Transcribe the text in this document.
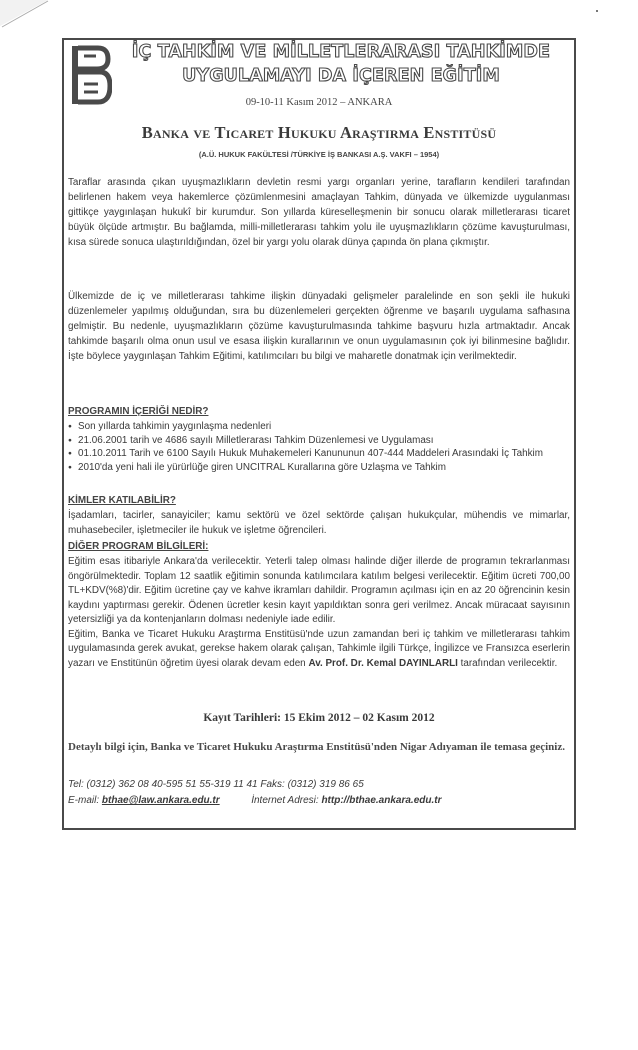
İÇ TAHKİM VE MİLLETLERARASI TAHKİMDE
UYGULAMAYI DA İÇEREN EĞİTİM
09-10-11 Kasım 2012 – ANKARA
Banka ve Ticaret Hukuku Araştırma Enstitüsü
(A.Ü. HUKUK FAKÜLTESİ /TÜRKİYE İŞ BANKASI A.Ş. VAKFI – 1954)

Taraflar arasında çıkan uyuşmazlıkların devletin resmi yargı organları yerine, tarafların kendileri tarafından belirlenen hakem veya hakemlerce çözümlenmesini amaçlayan Tahkim, dünyada ve ülkemizde uygulanması gittikçe yaygınlaşan hukukî bir kurumdur. Son yıllarda küreselleşmenin bir sonucu olarak milletlerarası ticaret büyük ölçüde artmıştır. Bu bağlamda, milli-milletlerarası tahkim yolu ile uyuşmazlıkların çözüme kavuşturulması, kısa sürede sonuca ulaştırıldığından, özel bir yargı yolu olarak dünya çapında ön plana çıkmıştır.

Ülkemizde de iç ve milletlerarası tahkime ilişkin dünyadaki gelişmeler paralelinde en son şekli ile hukuki düzenlemeler yapılmış olduğundan, sıra bu düzenlemeleri gerçekten öğrenme ve başarılı uygulama safhasına gelmiştir. Bu nedenle, uyuşmazlıkların çözüme kavuşturulmasında tahkime başvuru hızla artmaktadır. Ancak tahkimde başarılı olma onun usul ve esasa ilişkin kurallarının ve onun uygulamasının çok iyi bilinmesine bağlıdır. İşte böylece yaygınlaşan Tahkim Eğitimi, katılımcıları bu bilgi ve maharetle donatmak için verilmektedir.

PROGRAMIN İÇERİĞİ NEDİR?

● Son yıllarda tahkimin yaygınlaşma nedenleri
● 21.06.2001 tarih ve 4686 sayılı Milletlerarası Tahkim Düzenlemesi ve Uygulaması
● 01.10.2011 Tarih ve 6100 Sayılı Hukuk Muhakemeleri Kanununun 407-444 Maddeleri Arasındaki İç Tahkim
● 2010'da yeni hali ile yürürlüğe giren UNCITRAL Kurallarına göre Uzlaşma ve Tahkim

KİMLER KATILABİLİR?

İşadamları, tacirler, sanayiciler; kamu sektörü ve özel sektörde çalışan hukukçular, mühendis ve mimarlar, muhasebeciler, işletmeciler ile hukuk ve işletme öğrencileri.

DİĞER PROGRAM BİLGİLERİ:

Eğitim esas itibariyle Ankara'da verilecektir. Yeterli talep olması halinde diğer illerde de programın tekrarlanması öngörülmektedir. Toplam 12 saatlik eğitimin sonunda katılımcılara katılım belgesi verilecektir. Eğitim ücreti 700,00 TL+KDV(%8)'dir. Eğitim ücretine çay ve kahve ikramları dahildir. Programın açılması için en az 20 öğrencinin kesin kaydını yaptırması gerekir. Ödenen ücretler kesin kayıt yapıldıktan sonra geri verilmez. Ancak müracaat sayısının yetersizliği ya da kontenjanların dolması nedeniyle iade edilir.
Eğitim, Banka ve Ticaret Hukuku Araştırma Enstitüsü'nde uzun zamandan beri iç tahkim ve milletlerarası tahkim uygulamasında gerek avukat, gerekse hakem olarak çalışan, Tahkimle ilgili Türkçe, İngilizce ve Fransızca eserlerin yazarı ve Enstitünün öğretim üyesi olarak devam eden Av. Prof. Dr. Kemal DAYINLARLI tarafından verilecektir.
Kayıt Tarihleri: 15 Ekim 2012 – 02 Kasım 2012

Detaylı bilgi için, Banka ve Ticaret Hukuku Araştırma Enstitüsü'nden Nigar Adıyaman ile temasa geçiniz.

Tel: (0312) 362 08 40-595 51 55-319 11 41 Faks: (0312) 319 86 65

E-mail: bthae@law.ankara.edu.tr	İnternet Adresi: http://bthae.ankara.edu.tr
